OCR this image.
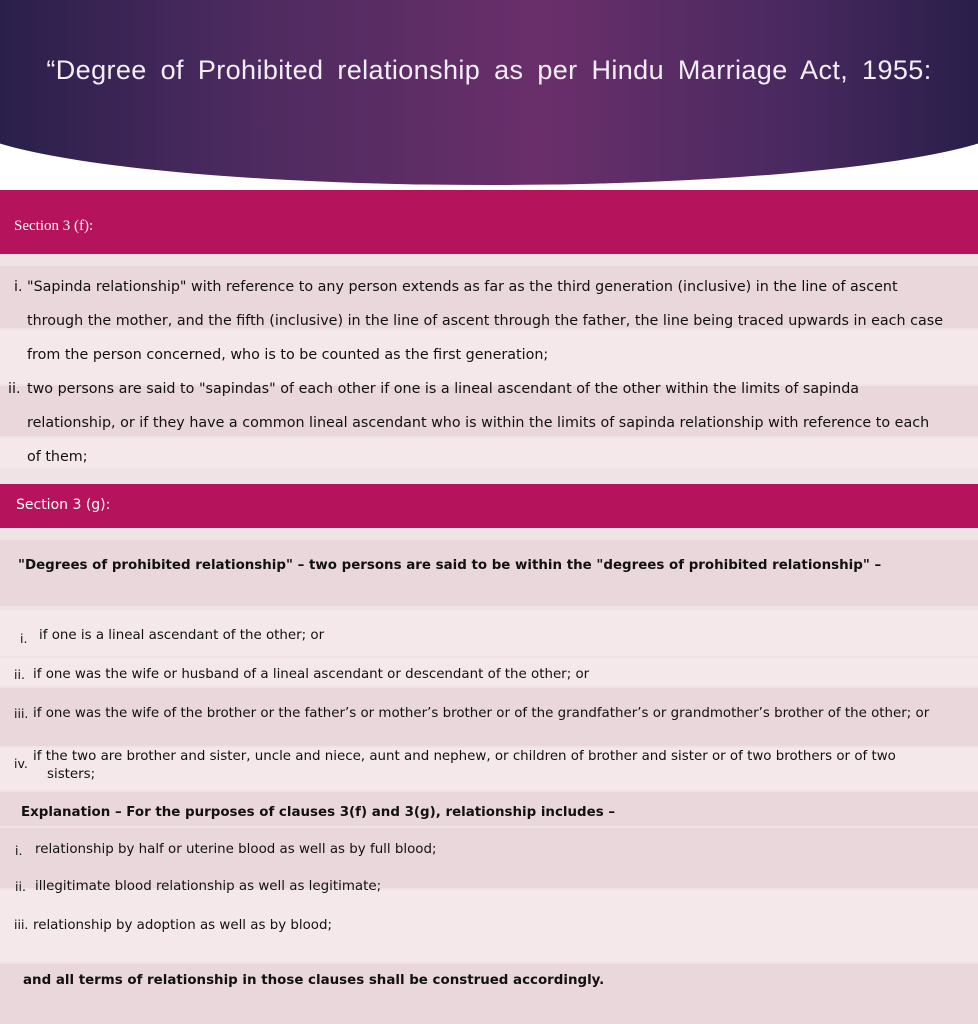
“Degree of Prohibited relationship as per Hindu Marriage Act, 1955:
Section 3 (f):
i. "Sapinda relationship" with reference to any person extends as far as the third generation (inclusive) in the line of ascent
through the mother, and the fifth (inclusive) in the line of ascent through the father, the line being traced upwards in each case
from the person concerned, who is to be counted as the first generation;
ii. two persons are said to "sapindas" of each other if one is a lineal ascendant of the other within the limits of sapinda
relationship, or if they have a common lineal ascendant who is within the limits of sapinda relationship with reference to each
of them;
Section 3 (g):
"Degrees of prohibited relationship" – two persons are said to be within the "degrees of prohibited relationship" –
i. if one is a lineal ascendant of the other; or
ii. if one was the wife or husband of a lineal ascendant or descendant of the other; or
iii. if one was the wife of the brother or the father’s or mother’s brother or of the grandfather’s or grandmother’s brother of the other; or
iv. if the two are brother and sister, uncle and niece, aunt and nephew, or children of brother and sister or of two brothers or of two
sisters;
Explanation – For the purposes of clauses 3(f) and 3(g), relationship includes –
i. relationship by half or uterine blood as well as by full blood;
ii. illegitimate blood relationship as well as legitimate;
iii. relationship by adoption as well as by blood;
and all terms of relationship in those clauses shall be construed accordingly.
